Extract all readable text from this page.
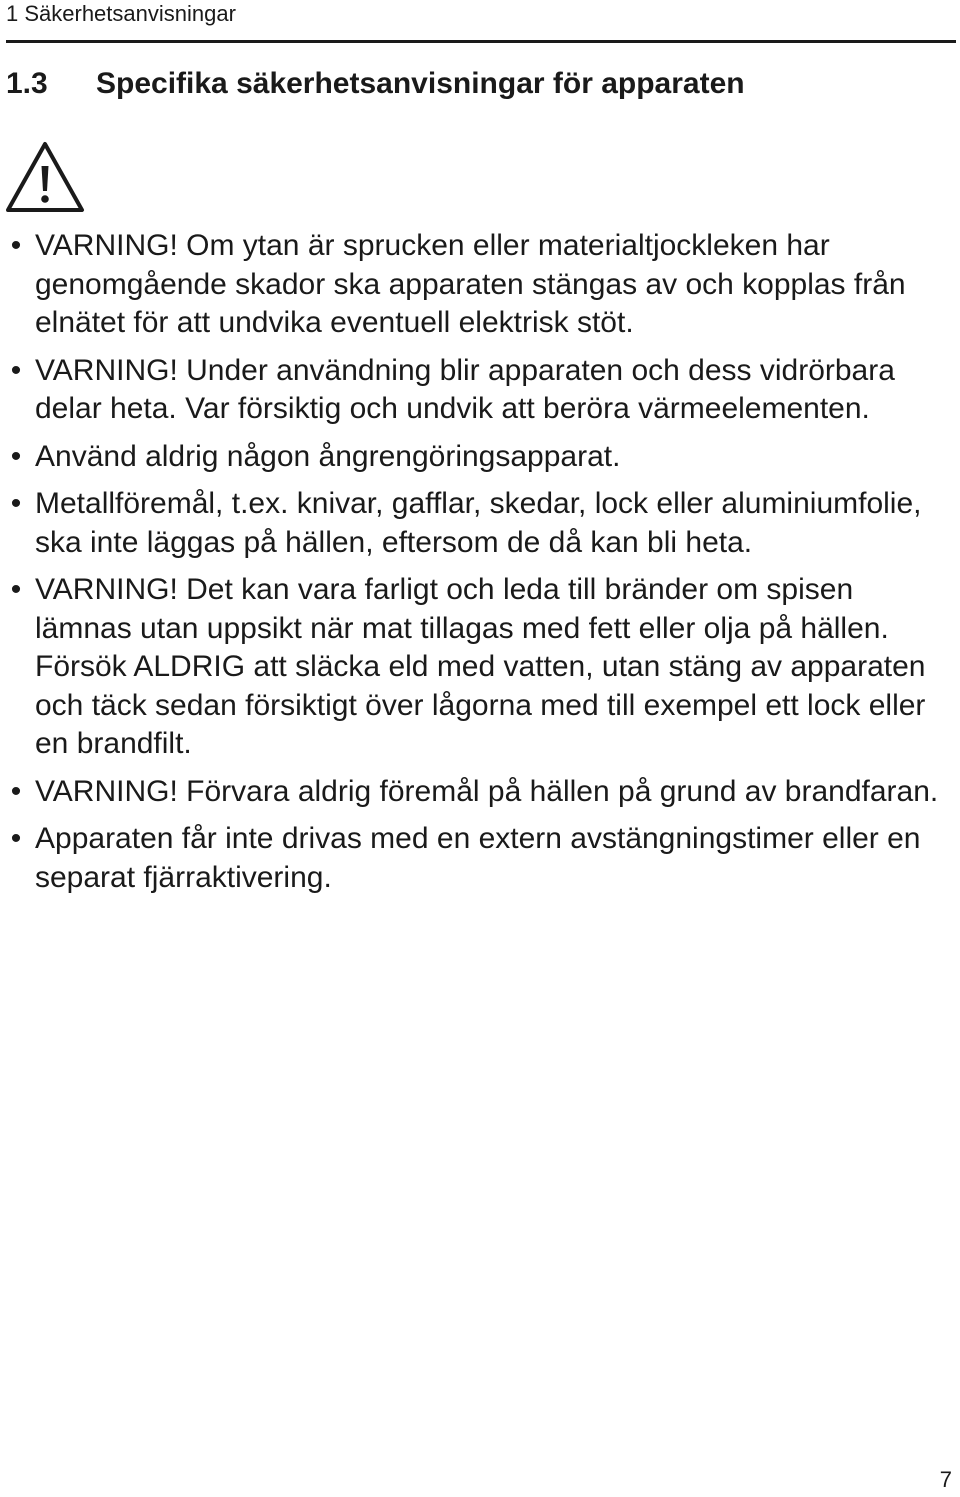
1 Säkerhetsanvisningar
1.3 Specifika säkerhetsanvisningar för apparaten
• VARNING! Om ytan är sprucken eller materialtjockleken har genomgående skador ska apparaten stängas av och kopplas från elnätet för att undvika eventuell elektrisk stöt.
• VARNING! Under användning blir apparaten och dess vidrörbara delar heta. Var försiktig och undvik att beröra värmeelementen.
• Använd aldrig någon ångrengöringsapparat.
• Metallföremål, t.ex. knivar, gafflar, skedar, lock eller aluminiumfolie, ska inte läggas på hällen, eftersom de då kan bli heta.
• VARNING! Det kan vara farligt och leda till bränder om spisen lämnas utan uppsikt när mat tillagas med fett eller olja på hällen. Försök ALDRIG att släcka eld med vatten, utan stäng av apparaten och täck sedan försiktigt över lågorna med till exempel ett lock eller en brandfilt.
• VARNING! Förvara aldrig föremål på hällen på grund av brandfaran.
• Apparaten får inte drivas med en extern avstängningstimer eller en separat fjärraktivering.
7
